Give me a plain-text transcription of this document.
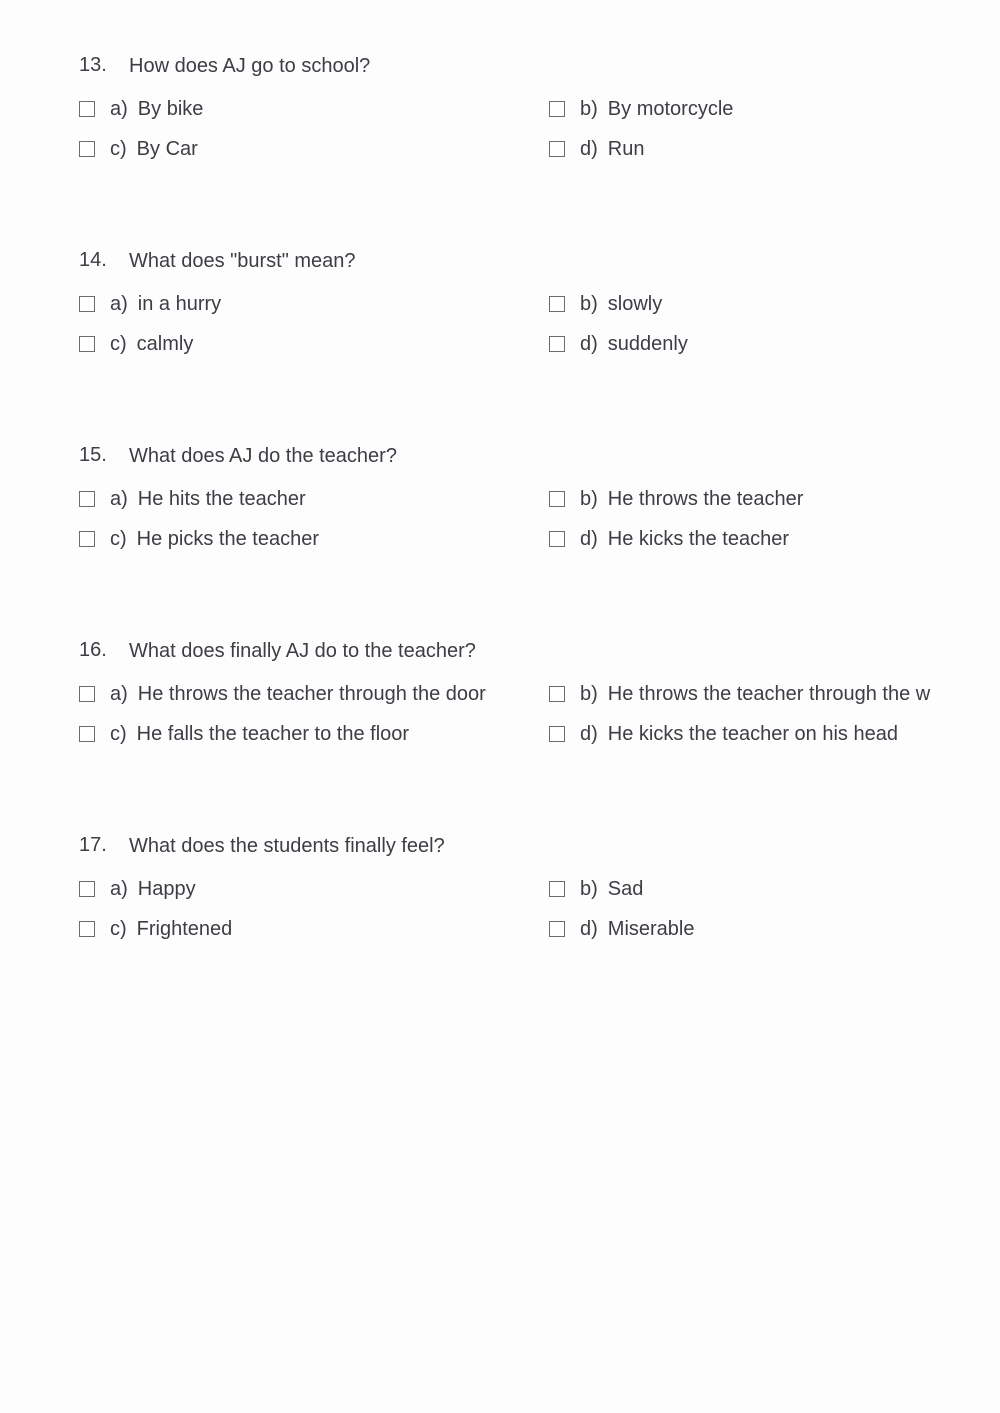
13. How does AJ go to school?
a) By bike	b) By motorcycle
c) By Car	d) Run
14. What does "burst" mean?
a) in a hurry	b) slowly
c) calmly	d) suddenly
15. What does AJ do the teacher?
a) He hits the teacher	b) He throws the teacher
c) He picks the teacher	d) He kicks the teacher
16. What does finally AJ do to the teacher?
a) He throws the teacher through the door	b) He throws the teacher through the w
c) He falls the teacher to the floor	d) He kicks the teacher on his head
17. What does the students finally feel?
a) Happy	b) Sad
c) Frightened	d) Miserable
